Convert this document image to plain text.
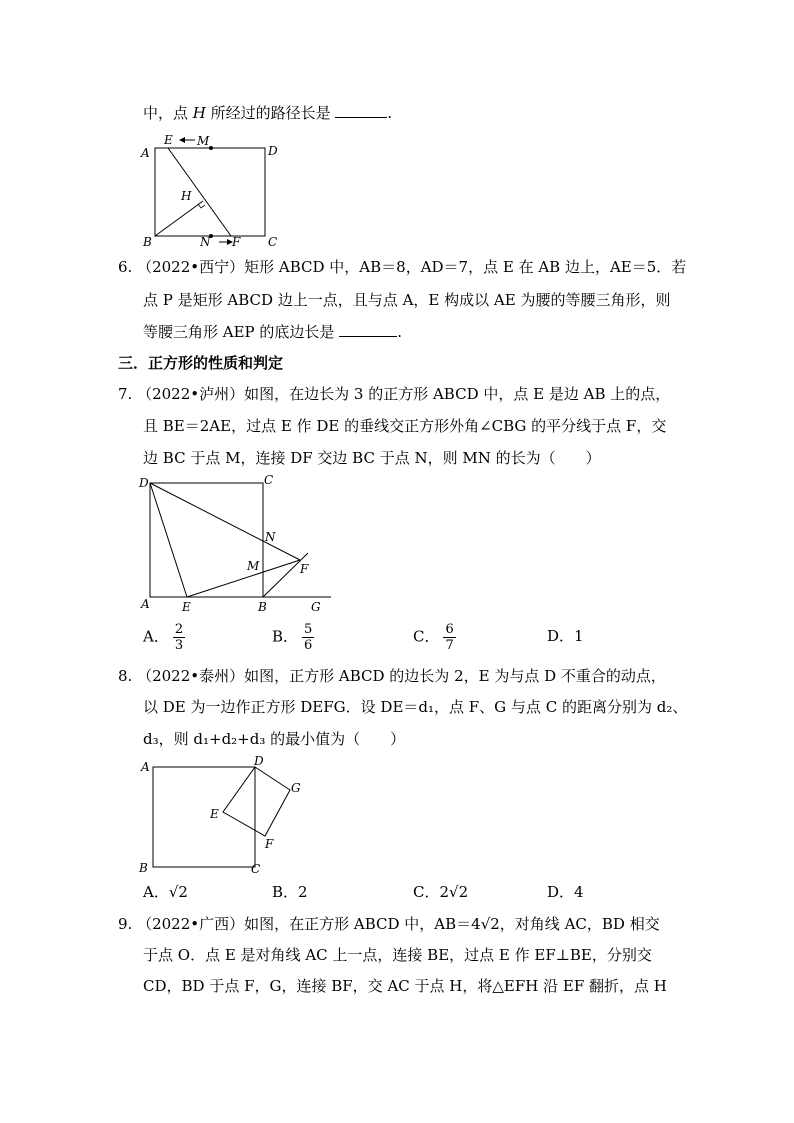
中，点 H 所经过的路径长是	.
A
B	C
D
E M
H
N F
6. （2022•西宁）矩形 ABCD 中，AB＝8，AD＝7，点 E 在 AB 边上，AE＝5．若
点 P 是矩形 ABCD 边上一点，且与点 A，E 构成以 AE 为腰的等腰三角形，则
等腰三角形 AEP 的底边长是	.
三．正方形的性质和判定
7. （2022•泸州）如图，在边长为 3 的正方形 ABCD 中，点 E 是边 AB 上的点，
且 BE＝2AE，过点 E 作 DE 的垂线交正方形外角∠CBG 的平分线于点 F，交
边 BC 于点 M，连接 DF 交边 BC 于点 N，则 MN 的长为（　　）
D	C
N
M	F
A	E	B	G
A． $\frac{2}{3}$	B． $\frac{5}{6}$	C． $\frac{6}{7}$	D．1
8. （2022•泰州）如图，正方形 ABCD 的边长为 2，E 为与点 D 不重合的动点，
以 DE 为一边作正方形 DEFG．设 DE＝d₁，点 F、G 与点 C 的距离分别为 d₂、
d₃，则 d₁+d₂+d₃ 的最小值为（　　）
A
B	C
D
G
E
F
A．√2	B．2	C．2√2	D．4
9. （2022•广西）如图，在正方形 ABCD 中，AB＝4√2，对角线 AC，BD 相交
于点 O．点 E 是对角线 AC 上一点，连接 BE，过点 E 作 EF⊥BE，分别交
CD，BD 于点 F，G，连接 BF，交 AC 于点 H，将△EFH 沿 EF 翻折，点 H
